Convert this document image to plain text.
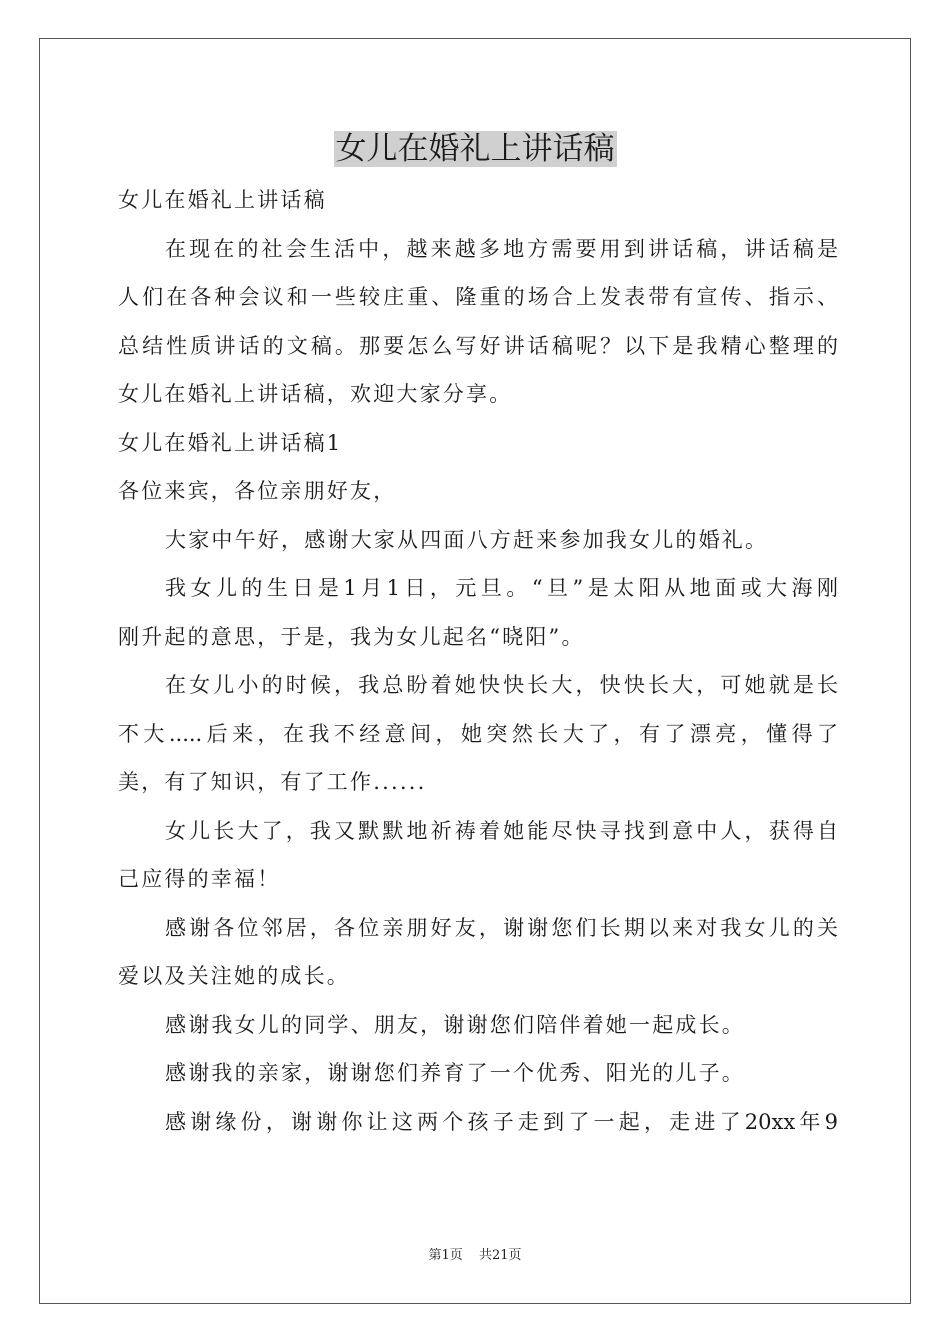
女儿在婚礼上讲话稿

女儿在婚礼上讲话稿

在现在的社会生活中，越来越多地方需要用到讲话稿，讲话稿是

人们在各种会议和一些较庄重、隆重的场合上发表带有宣传、指示、

总结性质讲话的文稿。那要怎么写好讲话稿呢？以下是我精心整理的

女儿在婚礼上讲话稿，欢迎大家分享。

女儿在婚礼上讲话稿1

各位来宾，各位亲朋好友，

大家中午好，感谢大家从四面八方赶来参加我女儿的婚礼。

我女儿的生日是1月1日，元旦。“旦”是太阳从地面或大海刚

刚升起的意思，于是，我为女儿起名“晓阳”。

在女儿小的时候，我总盼着她快快长大，快快长大，可她就是长

不大.....后来，在我不经意间，她突然长大了，有了漂亮，懂得了

美，有了知识，有了工作......

女儿长大了，我又默默地祈祷着她能尽快寻找到意中人，获得自

己应得的幸福！

感谢各位邻居，各位亲朋好友，谢谢您们长期以来对我女儿的关

爱以及关注她的成长。

感谢我女儿的同学、朋友，谢谢您们陪伴着她一起成长。

感谢我的亲家，谢谢您们养育了一个优秀、阳光的儿子。

感谢缘份，谢谢你让这两个孩子走到了一起，走进了20xx年9

第1页 共21页
